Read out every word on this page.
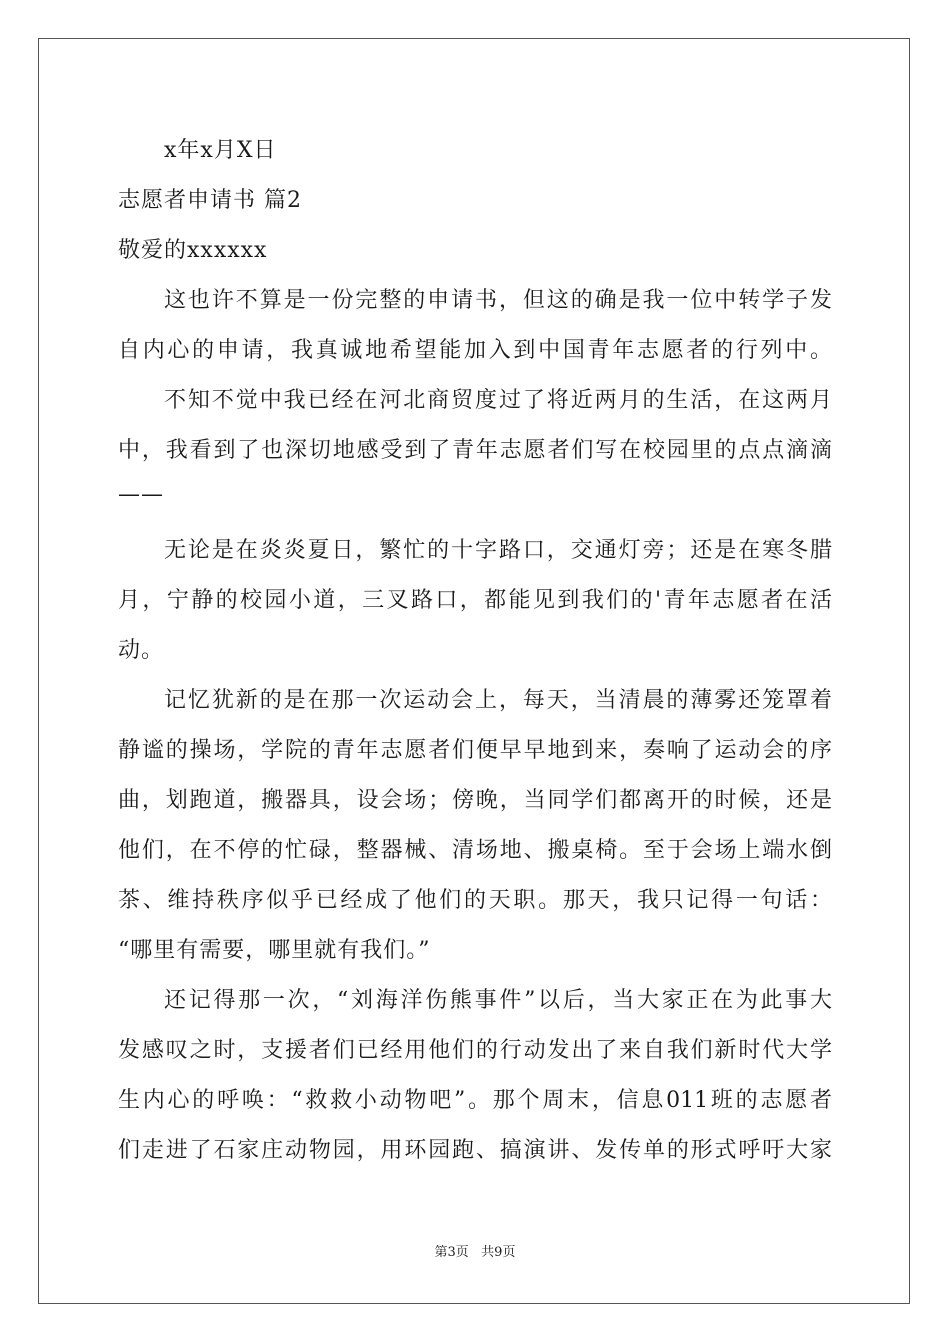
x年x月X日
志愿者申请书 篇2
敬爱的xxxxxx
这也许不算是一份完整的申请书，但这的确是我一位中转学子发
自内心的申请，我真诚地希望能加入到中国青年志愿者的行列中。
不知不觉中我已经在河北商贸度过了将近两月的生活，在这两月
中，我看到了也深切地感受到了青年志愿者们写在校园里的点点滴滴
——
无论是在炎炎夏日，繁忙的十字路口，交通灯旁；还是在寒冬腊
月，宁静的校园小道，三叉路口，都能见到我们的'青年志愿者在活
动。
记忆犹新的是在那一次运动会上，每天，当清晨的薄雾还笼罩着
静谧的操场，学院的青年志愿者们便早早地到来，奏响了运动会的序
曲，划跑道，搬器具，设会场；傍晚，当同学们都离开的时候，还是
他们，在不停的忙碌，整器械、清场地、搬桌椅。至于会场上端水倒
茶、维持秩序似乎已经成了他们的天职。那天，我只记得一句话：
“哪里有需要，哪里就有我们。”
还记得那一次，“刘海洋伤熊事件”以后，当大家正在为此事大
发感叹之时，支援者们已经用他们的行动发出了来自我们新时代大学
生内心的呼唤：“救救小动物吧”。那个周末，信息011班的志愿者
们走进了石家庄动物园，用环园跑、搞演讲、发传单的形式呼吁大家
第3页   共9页
